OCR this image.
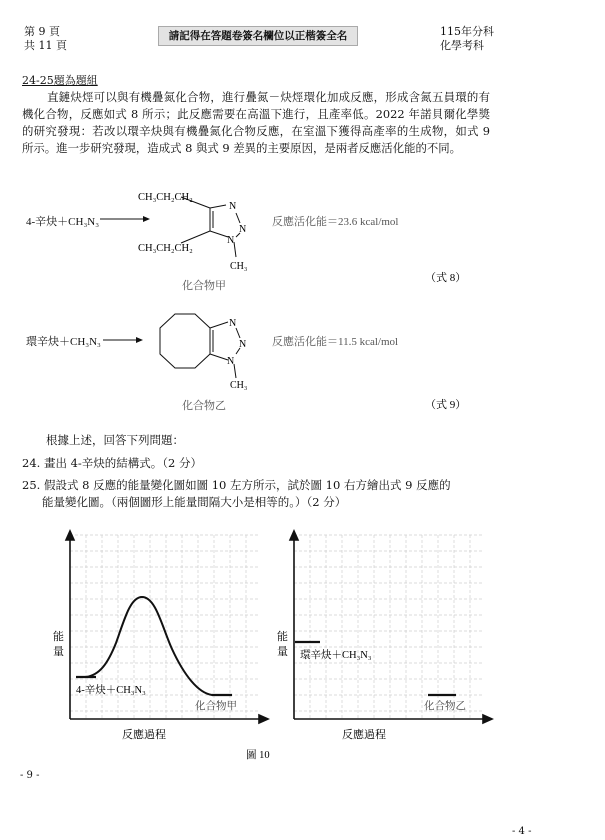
第 9 頁
共 11 頁
請記得在答題卷簽名欄位以正楷簽全名	115年分科
化學考科
24-25題為題組

直鏈炔烴可以與有機疊氮化合物，進行疊氮－炔烴環化加成反應，形成含氮五員環的有機化合物，反應如式 8 所示；此反應需要在高溫下進行，且產率低。2022 年諾貝爾化學獎的研究發現：若改以環辛炔與有機疊氮化合物反應，在室溫下獲得高產率的生成物，如式 9 所示。進一步研究發現，造成式 8 與式 9 差異的主要原因，是兩者反應活化能的不同。

4-辛炔＋CH₃N₃
N
N
N
CH₃CH₂CH₂
CH₃CH₂CH₂
CH₃
反應活化能＝23.6 kcal/mol
化合物甲
（式 8）
環辛炔＋CH₃N₃
N
N
N
CH₃
反應活化能＝11.5 kcal/mol
化合物乙	（式 9）
根據上述，回答下列問題：
24. 畫出 4-辛炔的結構式。（2 分）
25. 假設式 8 反應的能量變化圖如圖 10 左方所示，試於圖 10 右方繪出式 9 反應的
能量變化圖。（兩個圖形上能量間隔大小是相等的。）（2 分）
能
量
能
量
4-辛炔＋CH₃N₃
化合物甲
環辛炔＋CH₃N₃
化合物乙
反應過程	反應過程
圖 10
- 9 -
- 4 -
